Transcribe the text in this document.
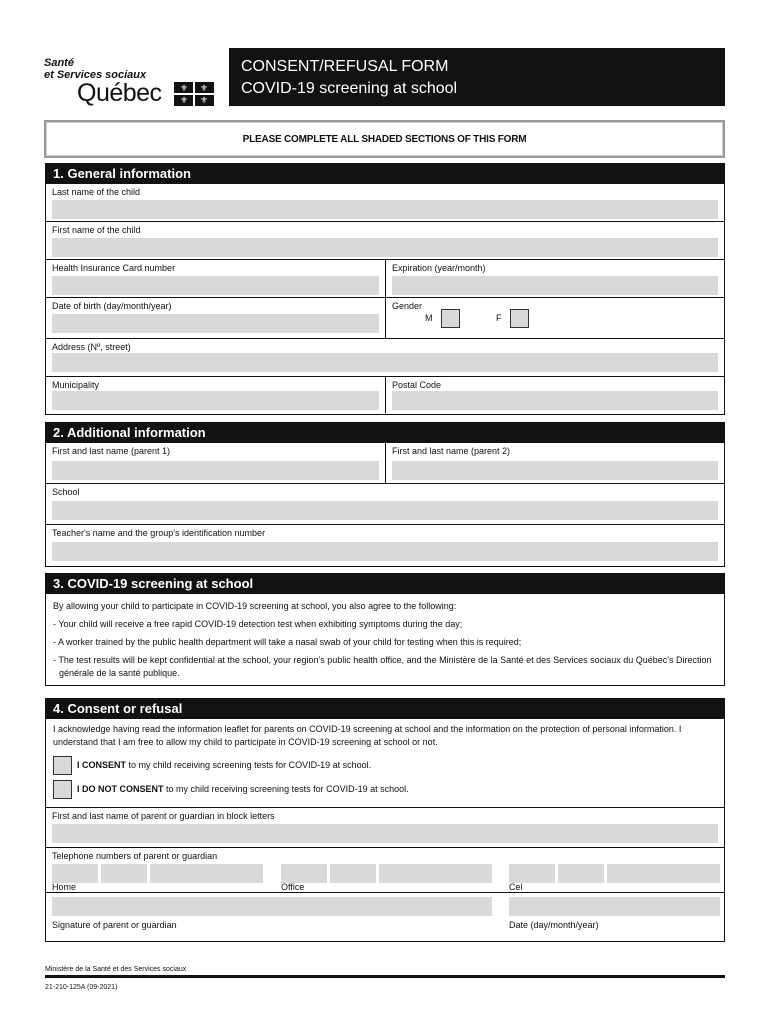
Santé
et Services sociaux
Québec	⚜	⚜
⚜	⚜
CONSENT/REFUSAL FORM
COVID-19 screening at school
PLEASE COMPLETE ALL SHADED SECTIONS OF THIS FORM
1. General information
Last name of the child
First name of the child
Health Insurance Card number	Expiration (year/month)
Date of birth (day/month/year)	Gender
M	F
Address (Nº, street)
Municipality	Postal Code
2. Additional information
First and last name (parent 1)	First and last name (parent 2)
School
Teacher's name and the group's identification number
3. COVID-19 screening at school
By allowing your child to participate in COVID-19 screening at school, you also agree to the following:
- Your child will receive a free rapid COVID-19 detection test when exhibiting symptoms during the day;
- A worker trained by the public health department will take a nasal swab of your child for testing when this is required;
- The test results will be kept confidential at the school, your region's public health office, and the Ministère de la Santé et des Services sociaux du Québec's Direction
générale de la santé publique.
4. Consent or refusal
I acknowledge having read the information leaflet for parents on COVID-19 screening at school and the information on the protection of personal information. I
understand that I am free to allow my child to participate in COVID-19 screening at school or not.
I CONSENT to my child receiving screening tests for COVID-19 at school.
I DO NOT CONSENT to my child receiving screening tests for COVID-19 at school.
First and last name of parent or guardian in block letters
Telephone numbers of parent or guardian
Home	Office	Cel
Signature of parent or guardian	Date (day/month/year)
Ministère de la Santé et des Services sociaux
21-210-125A (09-2021)
